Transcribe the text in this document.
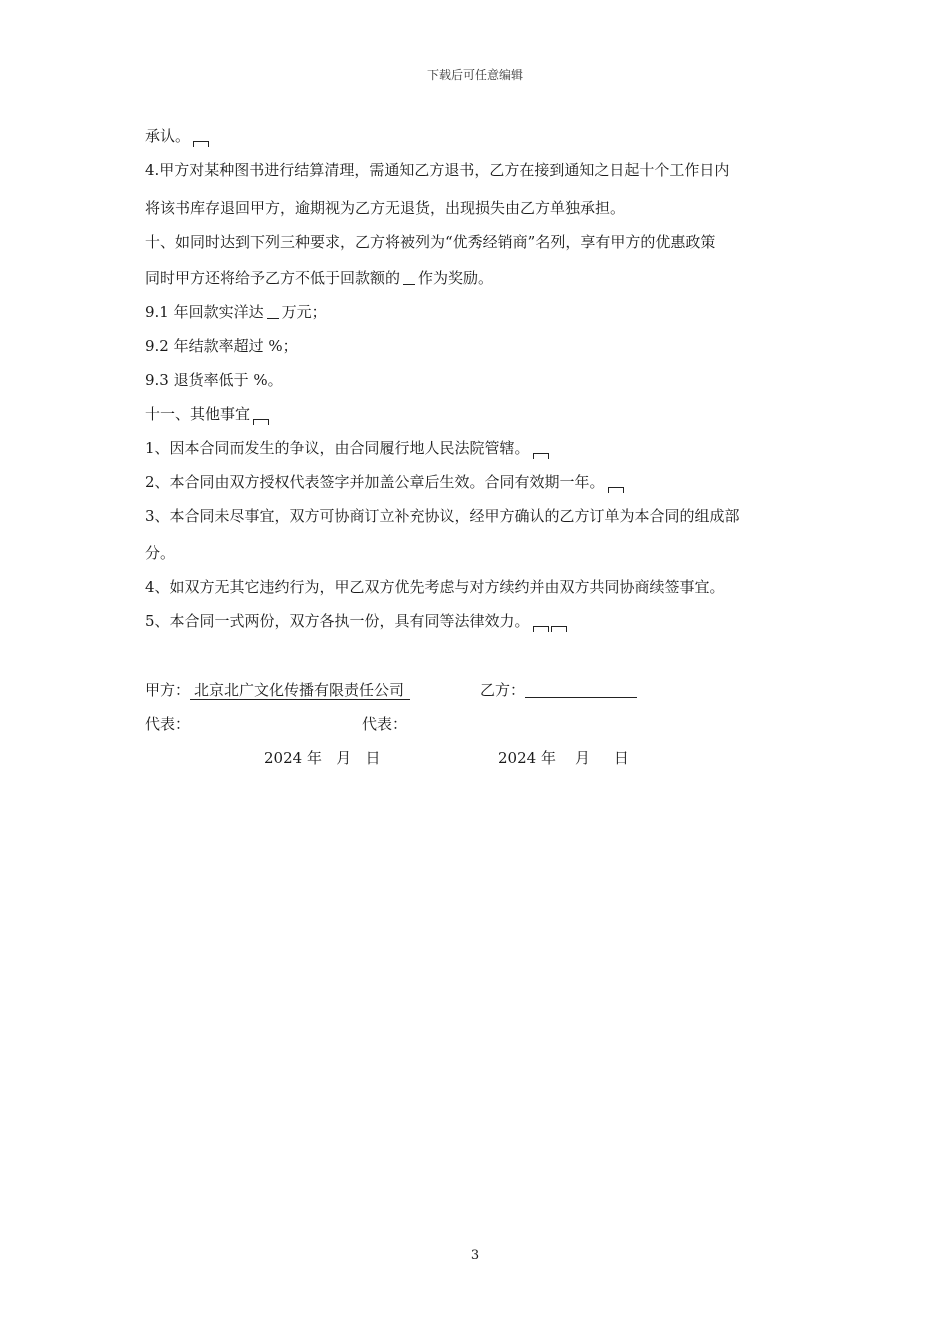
下载后可任意编辑
承认。
4.甲方对某种图书进行结算清理，需通知乙方退书，乙方在接到通知之日起十个工作日内
将该书库存退回甲方，逾期视为乙方无退货，出现损失由乙方单独承担。
十、如同时达到下列三种要求，乙方将被列为“优秀经销商”名列，享有甲方的优惠政策
同时甲方还将给予乙方不低于回款额的 作为奖励。
9.1 年回款实洋达 万元；
9.2 年结款率超过 %；
9.3 退货率低于 %。
十一、其他事宜
1、因本合同而发生的争议，由合同履行地人民法院管辖。
2、本合同由双方授权代表签字并加盖公章后生效。合同有效期一年。
3、本合同未尽事宜，双方可协商订立补充协议，经甲方确认的乙方订单为本合同的组成部
分。
4、如双方无其它违约行为，甲乙双方优先考虑与对方续约并由双方共同协商续签事宜。
5、本合同一式两份，双方各执一份，具有同等法律效力。
甲方： 北京北广文化传播有限责任公司	乙方：
代表：	代表：
2024 年   月   日	2024 年    月     日
3
